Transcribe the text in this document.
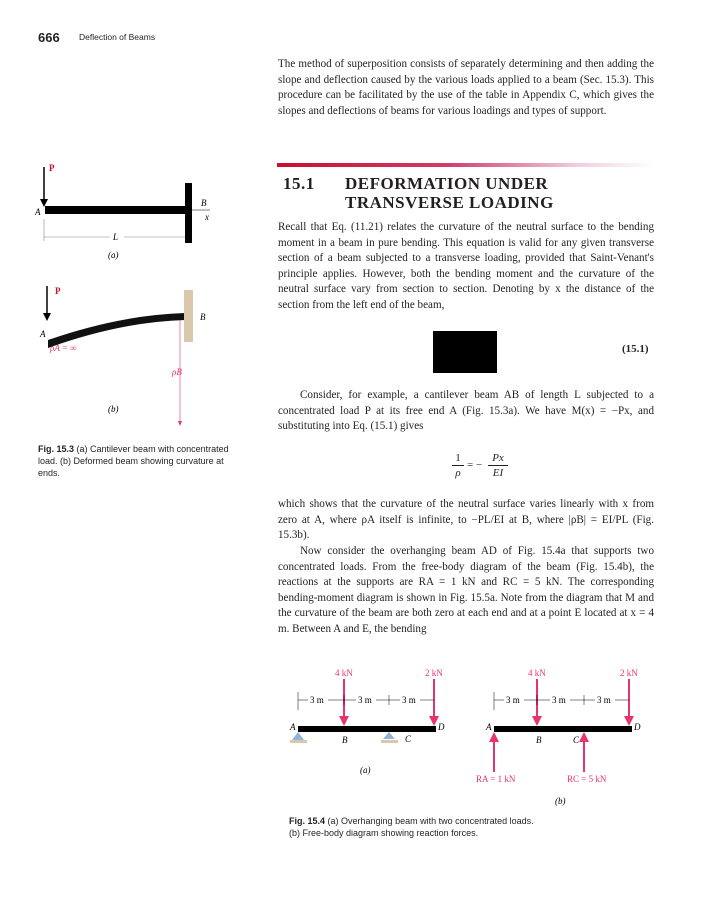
666 Deflection of Beams

The method of superposition consists of separately determining and then adding the slope and deflection caused by the various loads applied to a beam (Sec. 15.3). This procedure can be facilitated by the use of the table in Appendix C, which gives the slopes and deflections of beams for various loadings and types of support.

15.1 DEFORMATION UNDER
TRANSVERSE LOADING

Recall that Eq. (11.21) relates the curvature of the neutral surface to the bending moment in a beam in pure bending. This equation is valid for any given transverse section of a beam subjected to a transverse loading, provided that Saint-Venant's principle applies. However, both the bending moment and the curvature of the neutral surface vary from section to section. Denoting by x the distance of the section from the left end of the beam,

(15.1)

Consider, for example, a cantilever beam AB of length L subjected to a concentrated load P at its free end A (Fig. 15.3a). We have M(x) = −Px, and substituting into Eq. (15.1) gives

1
ρ
= −
Px
EI

which shows that the curvature of the neutral surface varies linearly with x from zero at A, where ρA itself is infinite, to −PL/EI at B, where |ρB| = EI/PL (Fig. 15.3b).

Now consider the overhanging beam AD of Fig. 15.4a that supports two concentrated loads. From the free-body diagram of the beam (Fig. 15.4b), the reactions at the supports are RA = 1 kN and RC = 5 kN. The corresponding bending-moment diagram is shown in Fig. 15.5a. Note from the diagram that M and the curvature of the beam are both zero at each end and at a point E located at x = 4 m. Between A and E, the bending

P
A
B
x
L
(a)
P
A
B
ρA = ∞
ρB
(b)
Fig. 15.3 (a) Cantilever beam with concentrated load. (b) Deformed beam showing curvature at ends.
4 kN	2 kN
3 m	3 m	3 m
A	D
B	C
(a)
4 kN	2 kN
3 m	3 m	3 m
A	D
B	C
RA = 1 kN	RC = 5 kN
(b)
Fig. 15.4 (a) Overhanging beam with two concentrated loads.
(b) Free-body diagram showing reaction forces.
